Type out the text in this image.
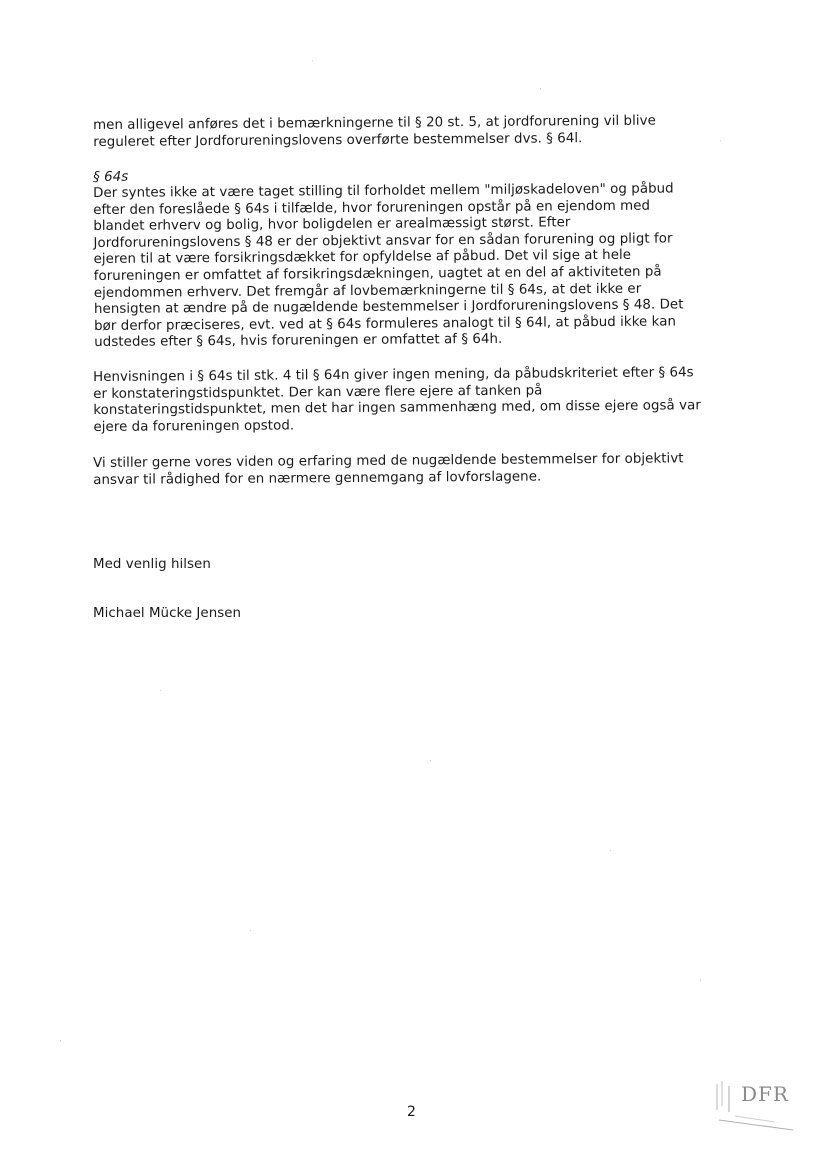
men alligevel anføres det i bemærkningerne til § 20 st. 5, at jordforurening vil blive
reguleret efter Jordforureningslovens overførte bestemmelser dvs. § 64l.
§ 64s
Der syntes ikke at være taget stilling til forholdet mellem "miljøskadeloven" og påbud
efter den foreslåede § 64s i tilfælde, hvor forureningen opstår på en ejendom med
blandet erhverv og bolig, hvor boligdelen er arealmæssigt størst. Efter
Jordforureningslovens § 48 er der objektivt ansvar for en sådan forurening og pligt for
ejeren til at være forsikringsdækket for opfyldelse af påbud. Det vil sige at hele
forureningen er omfattet af forsikringsdækningen, uagtet at en del af aktiviteten på
ejendommen erhverv. Det fremgår af lovbemærkningerne til § 64s, at det ikke er
hensigten at ændre på de nugældende bestemmelser i Jordforureningslovens § 48. Det
bør derfor præciseres, evt. ved at § 64s formuleres analogt til § 64l, at påbud ikke kan
udstedes efter § 64s, hvis forureningen er omfattet af § 64h.
Henvisningen i § 64s til stk. 4 til § 64n giver ingen mening, da påbudskriteriet efter § 64s
er konstateringstidspunktet. Der kan være flere ejere af tanken på
konstateringstidspunktet, men det har ingen sammenhæng med, om disse ejere også var
ejere da forureningen opstod.
Vi stiller gerne vores viden og erfaring med de nugældende bestemmelser for objektivt
ansvar til rådighed for en nærmere gennemgang af lovforslagene.
Med venlig hilsen
Michael Mücke Jensen
2
DFR
